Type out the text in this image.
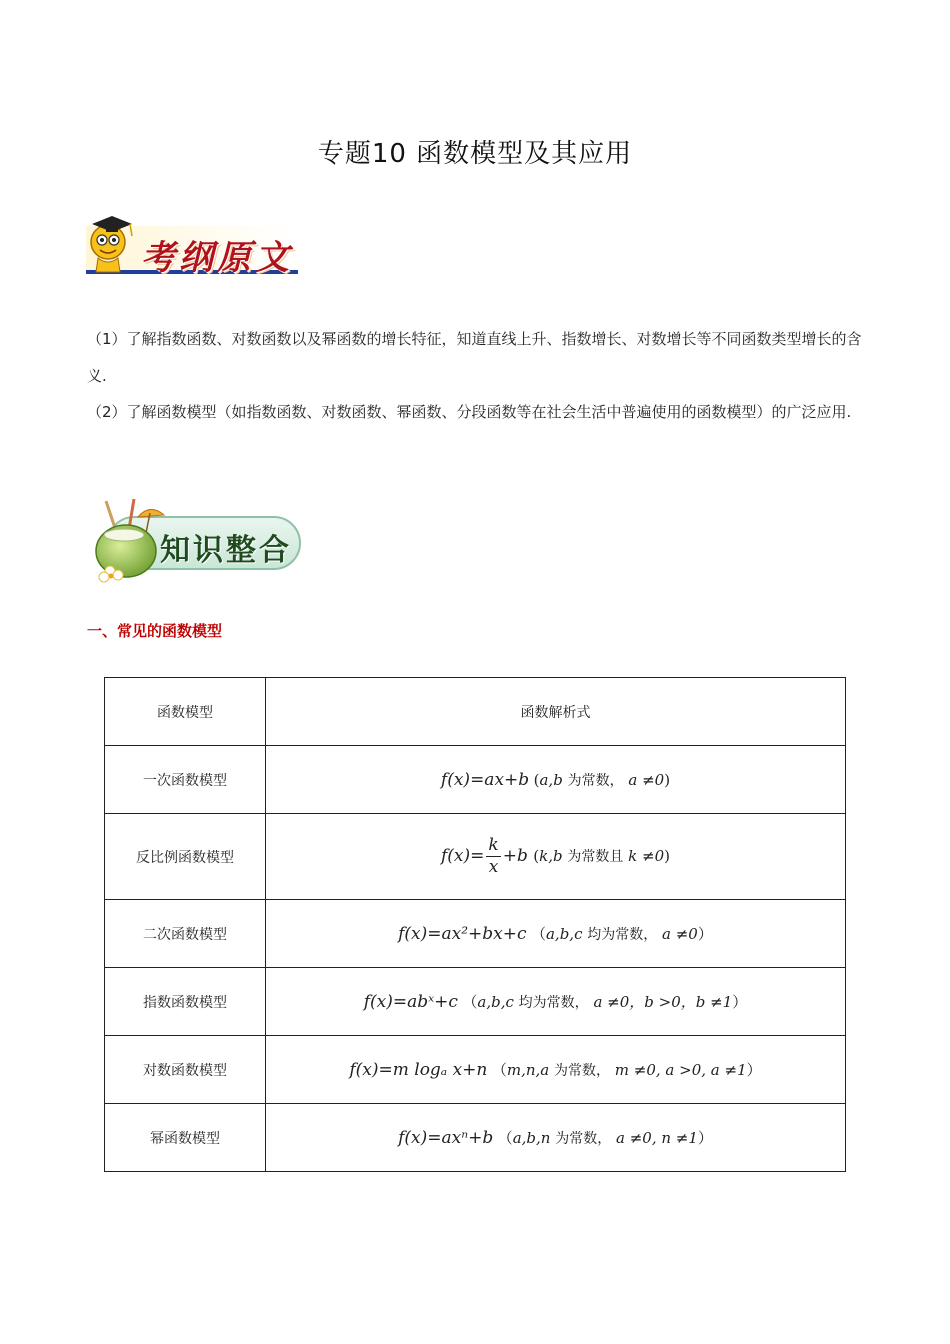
专题10 函数模型及其应用
考纲原文
（1）了解指数函数、对数函数以及幂函数的增长特征，知道直线上升、指数增长、对数增长等不同函数类型增长的含义.
（2）了解函数模型（如指数函数、对数函数、幂函数、分段函数等在社会生活中普遍使用的函数模型）的广泛应用.
知识整合
一、常见的函数模型
函数模型	函数解析式
一次函数模型	f(x)=ax+b (a,b 为常数， a ≠0)
反比例函数模型	$f(x)= \frac{k}{x} +b$ (k,b 为常数且 k ≠0)
二次函数模型	f(x)=ax²+bx+c （a,b,c 均为常数， a ≠0）
指数函数模型	f(x)=abˣ+c （a,b,c 均为常数， a ≠0，b >0，b ≠1）
对数函数模型	f(x)=m logₐ x+n （m,n,a 为常数， m ≠0, a >0, a ≠1）
幂函数模型	f(x)=axⁿ+b （a,b,n 为常数， a ≠0, n ≠1）
